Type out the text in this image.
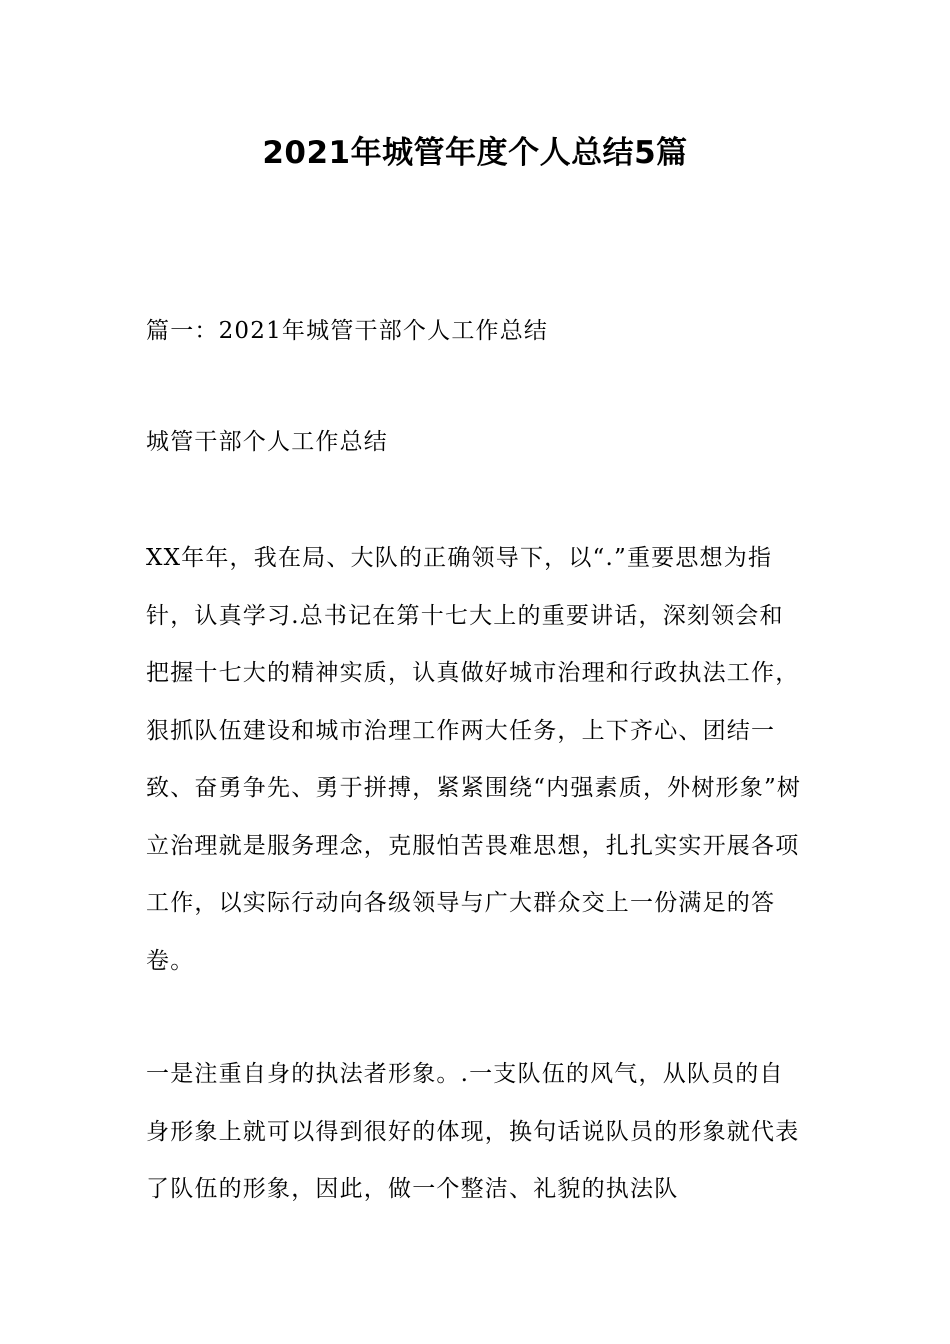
2021年城管年度个人总结5篇

篇一：2021年城管干部个人工作总结

城管干部个人工作总结

XX年年，我在局、大队的正确领导下，以“.”重要思想为指针，认真学习.总书记在第十七大上的重要讲话，深刻领会和把握十七大的精神实质，认真做好城市治理和行政执法工作，狠抓队伍建设和城市治理工作两大任务，上下齐心、团结一致、奋勇争先、勇于拼搏，紧紧围绕“内强素质，外树形象”树立治理就是服务理念，克服怕苦畏难思想，扎扎实实开展各项工作，以实际行动向各级领导与广大群众交上一份满足的答卷。

一是注重自身的执法者形象。.一支队伍的风气，从队员的自身形象上就可以得到很好的体现，换句话说队员的形象就代表了队伍的形象，因此，做一个整洁、礼貌的执法队
